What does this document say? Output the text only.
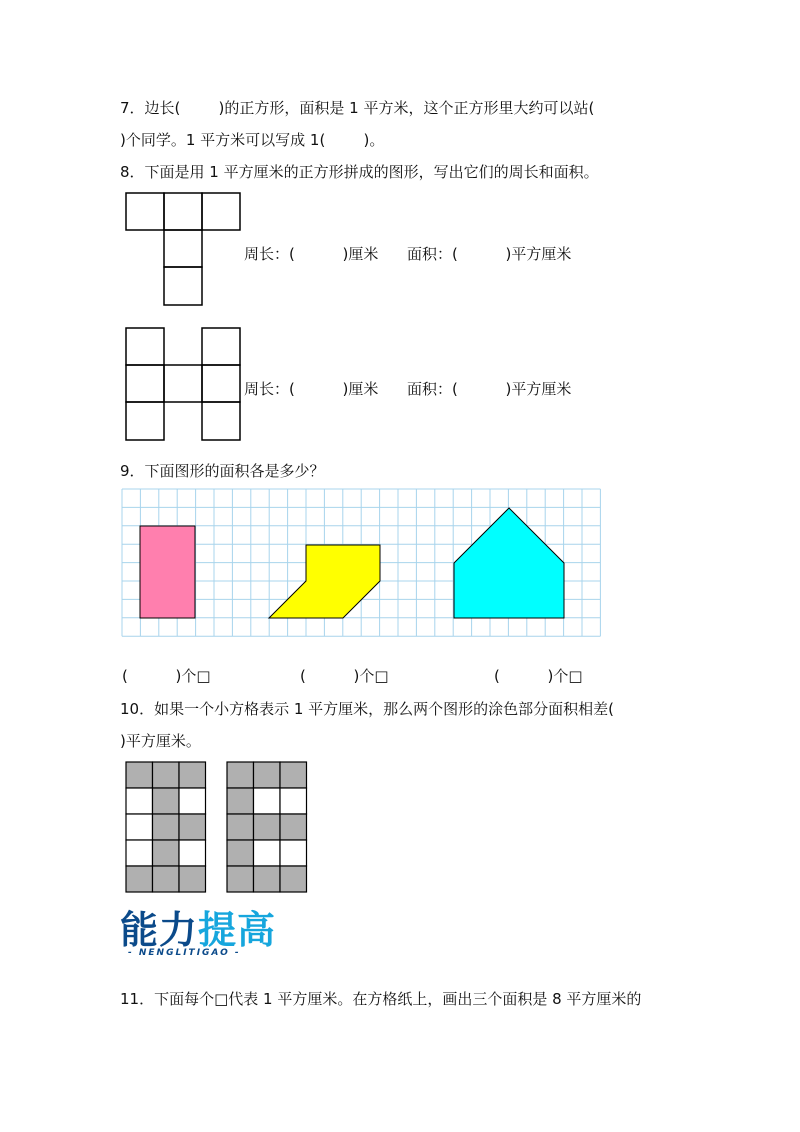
7．边长(        )的正方形，面积是 1 平方米，这个正方形里大约可以站(
)个同学。1 平方米可以写成 1(        )。
8．下面是用 1 平方厘米的正方形拼成的图形，写出它们的周长和面积。
周长：(          )厘米      面积：(          )平方厘米
周长：(          )厘米      面积：(          )平方厘米
9．下面图形的面积各是多少？
(          )个□	(          )个□	(          )个□
10．如果一个小方格表示 1 平方厘米，那么两个图形的涂色部分面积相差(
)平方厘米。
能力提高
- NENGLITIGAO -
11．下面每个□代表 1 平方厘米。在方格纸上，画出三个面积是 8 平方厘米的
